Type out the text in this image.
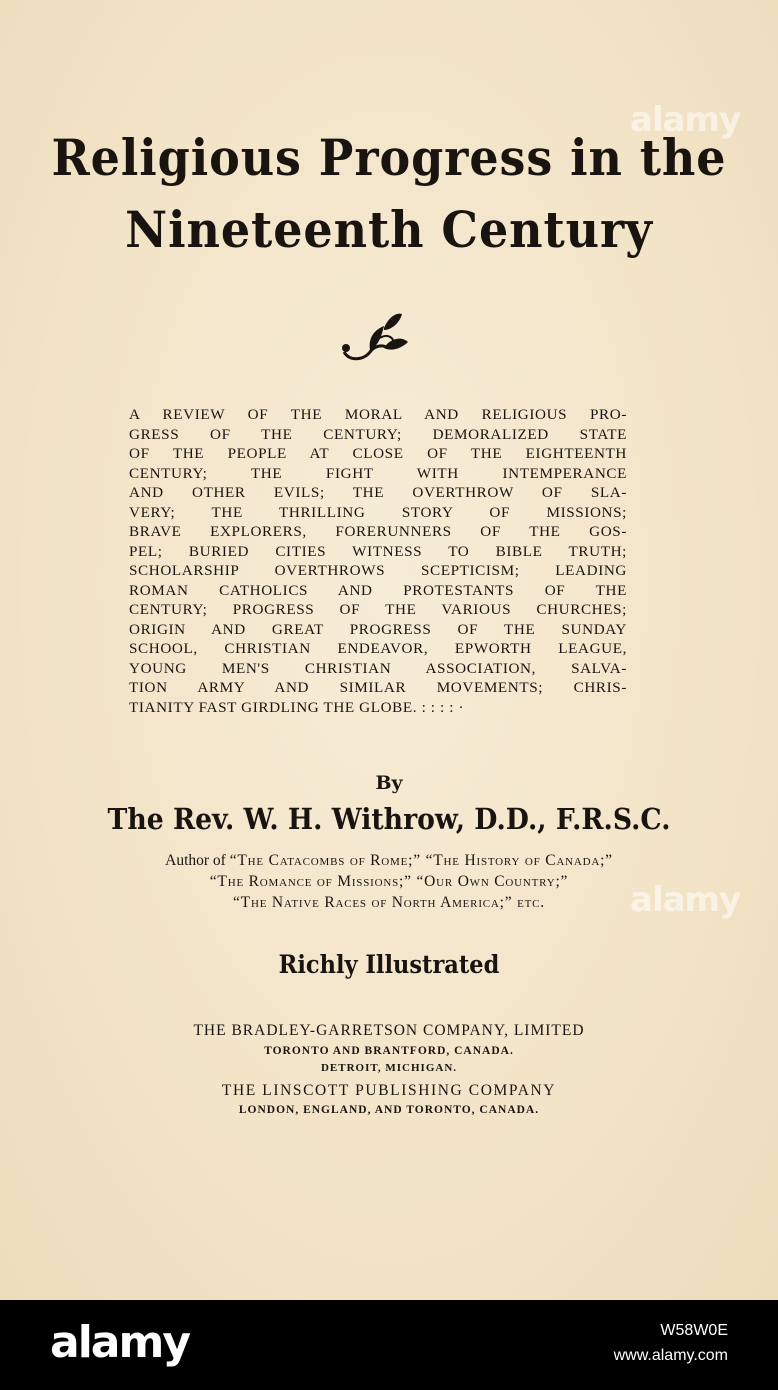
alamy
alamy
Religious Progress in the
Nineteenth Century
A REVIEW OF THE MORAL AND RELIGIOUS PRO-
GRESS OF THE CENTURY; DEMORALIZED STATE
OF THE PEOPLE AT CLOSE OF THE EIGHTEENTH
CENTURY; THE FIGHT WITH INTEMPERANCE
AND OTHER EVILS; THE OVERTHROW OF SLA-
VERY; THE THRILLING STORY OF MISSIONS;
BRAVE EXPLORERS, FORERUNNERS OF THE GOS-
PEL; BURIED CITIES WITNESS TO BIBLE TRUTH;
SCHOLARSHIP OVERTHROWS SCEPTICISM; LEADING
ROMAN CATHOLICS AND PROTESTANTS OF THE
CENTURY; PROGRESS OF THE VARIOUS CHURCHES;
ORIGIN AND GREAT PROGRESS OF THE SUNDAY
SCHOOL, CHRISTIAN ENDEAVOR, EPWORTH LEAGUE,
YOUNG MEN'S CHRISTIAN ASSOCIATION, SALVA-
TION ARMY AND SIMILAR MOVEMENTS; CHRIS-
TIANITY FAST GIRDLING THE GLOBE. : : : : ·
By
The Rev. W. H. Withrow, D.D., F.R.S.C.
Author of “The Catacombs of Rome;” “The History of Canada;”
“The Romance of Missions;” “Our Own Country;”
“The Native Races of North America;” etc.
Richly Illustrated
THE BRADLEY-GARRETSON COMPANY, LIMITED
TORONTO AND BRANTFORD, CANADA.
DETROIT, MICHIGAN.
THE LINSCOTT PUBLISHING COMPANY
LONDON, ENGLAND, AND TORONTO, CANADA.
alamy	W58W0E
www.alamy.com
